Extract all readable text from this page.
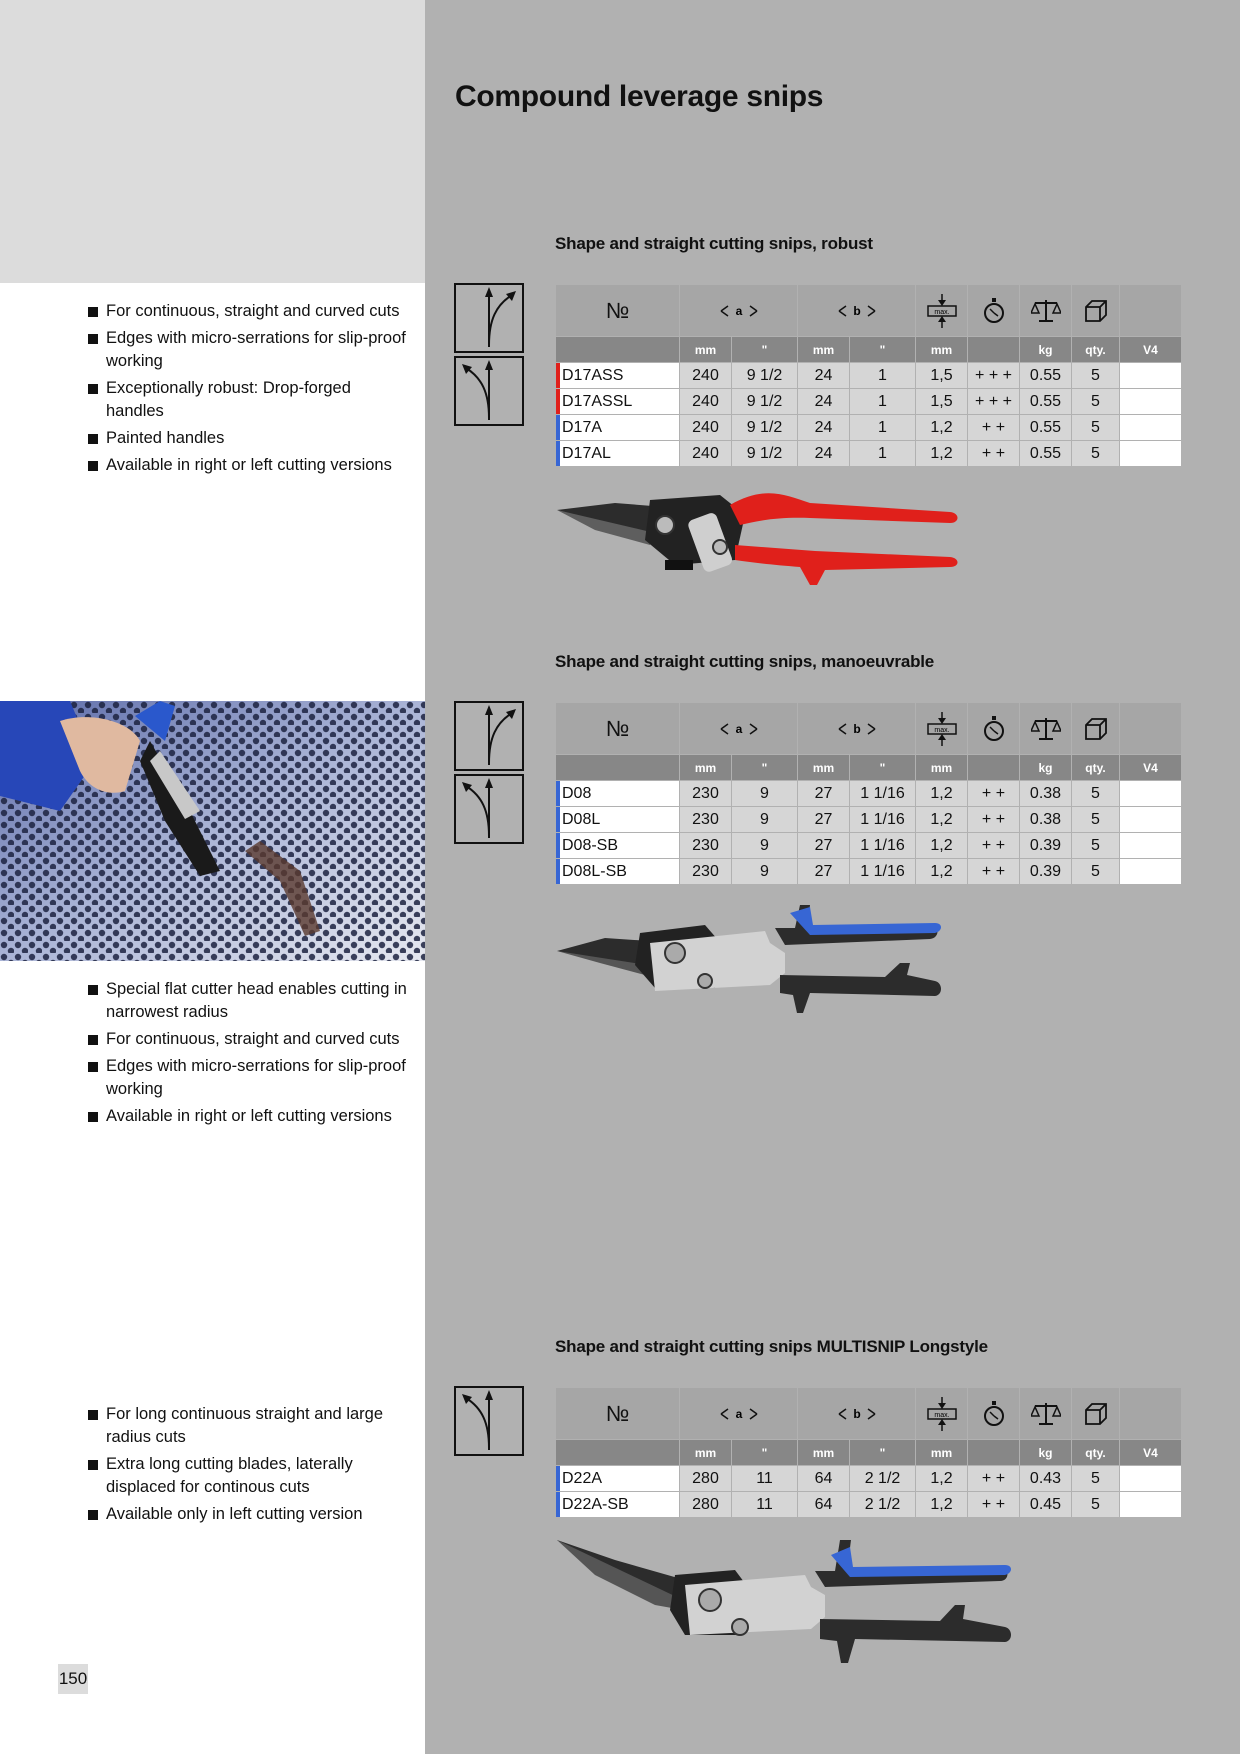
Compound leverage snips
Shape and straight cutting snips, robust
For continuous, straight and curved cuts
Edges with micro-serrations for slip-proof working
Exceptionally robust: Drop-forged handles
Painted handles
Available in right or left cutting versions
№	a		b		max.

	mm	"	mm	"	mm		kg	qty.	V4
D17ASS	240	9 1/2	24	1	1,5	+ + +	0.55	5	
D17ASSL	240	9 1/2	24	1	1,5	+ + +	0.55	5	
D17A	240	9 1/2	24	1	1,2	+ +	0.55	5	
D17AL	240	9 1/2	24	1	1,2	+ +	0.55	5	
Shape and straight cutting snips, manoeuvrable
№	a		b		max.

	mm	"	mm	"	mm		kg	qty.	V4
D08	230	9	27	1 1/16	1,2	+ +	0.38	5	
D08L	230	9	27	1 1/16	1,2	+ +	0.38	5	
D08-SB	230	9	27	1 1/16	1,2	+ +	0.39	5	
D08L-SB	230	9	27	1 1/16	1,2	+ +	0.39	5	
Special flat cutter head enables cutting in narrowest radius
For continuous, straight and curved cuts
Edges with micro-serrations for slip-proof working
Available in right or left cutting versions
Shape and straight cutting snips MULTISNIP Longstyle
For long continuous straight and large radius cuts
Extra long cutting blades, laterally displaced for continous cuts
Available only in left cutting version
№	a		b		max.

	mm	"	mm	"	mm		kg	qty.	V4
D22A	280	11	64	2 1/2	1,2	+ +	0.43	5	
D22A-SB	280	11	64	2 1/2	1,2	+ +	0.45	5	
150
